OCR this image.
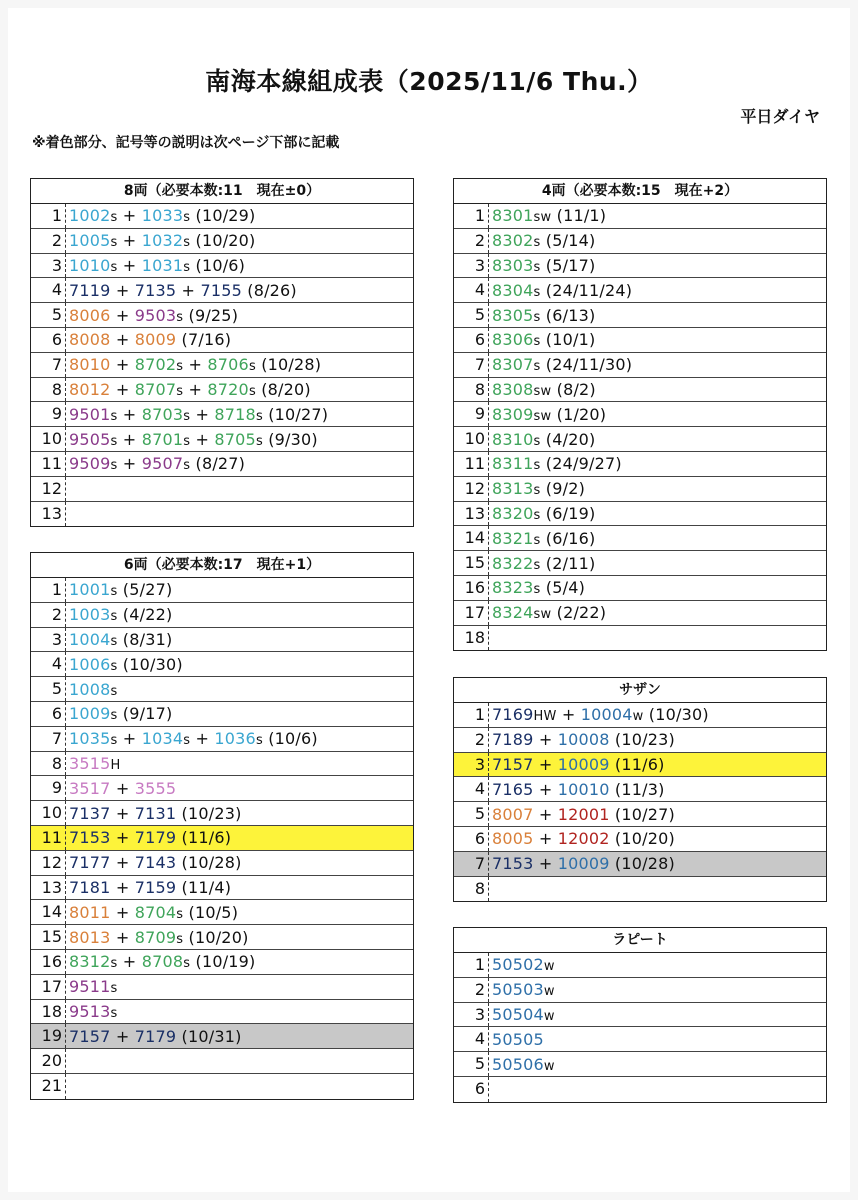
南海本線組成表（2025/11/6 Thu.）
平日ダイヤ
※着色部分、記号等の説明は次ページ下部に記載
8両（必要本数:11　現在±0）
1 1002s + 1033s (10/29)
2 1005s + 1032s (10/20)
3 1010s + 1031s (10/6)
4 7119 + 7135 + 7155 (8/26)
5 8006 + 9503s (9/25)
6 8008 + 8009 (7/16)
7 8010 + 8702s + 8706s (10/28)
8 8012 + 8707s + 8720s (8/20)
9 9501s + 8703s + 8718s (10/27)
10 9505s + 8701s + 8705s (9/30)
11 9509s + 9507s (8/27)
12
13
6両（必要本数:17　現在+1）
1 1001s (5/27)
2 1003s (4/22)
3 1004s (8/31)
4 1006s (10/30)
5 1008s
6 1009s (9/17)
7 1035s + 1034s + 1036s (10/6)
8 3515H
9 3517 + 3555
10 7137 + 7131 (10/23)
11 7153 + 7179 (11/6)
12 7177 + 7143 (10/28)
13 7181 + 7159 (11/4)
14 8011 + 8704s (10/5)
15 8013 + 8709s (10/20)
16 8312s + 8708s (10/19)
17 9511s
18 9513s
19 7157 + 7179 (10/31)
20
21
4両（必要本数:15　現在+2）
1 8301sw (11/1)
2 8302s (5/14)
3 8303s (5/17)
4 8304s (24/11/24)
5 8305s (6/13)
6 8306s (10/1)
7 8307s (24/11/30)
8 8308sw (8/2)
9 8309sw (1/20)
10 8310s (4/20)
11 8311s (24/9/27)
12 8313s (9/2)
13 8320s (6/19)
14 8321s (6/16)
15 8322s (2/11)
16 8323s (5/4)
17 8324sw (2/22)
18
サザン
1 7169HW + 10004w (10/30)
2 7189 + 10008 (10/23)
3 7157 + 10009 (11/6)
4 7165 + 10010 (11/3)
5 8007 + 12001 (10/27)
6 8005 + 12002 (10/20)
7 7153 + 10009 (10/28)
8
ラピート
1 50502w
2 50503w
3 50504w
4 50505
5 50506w
6
